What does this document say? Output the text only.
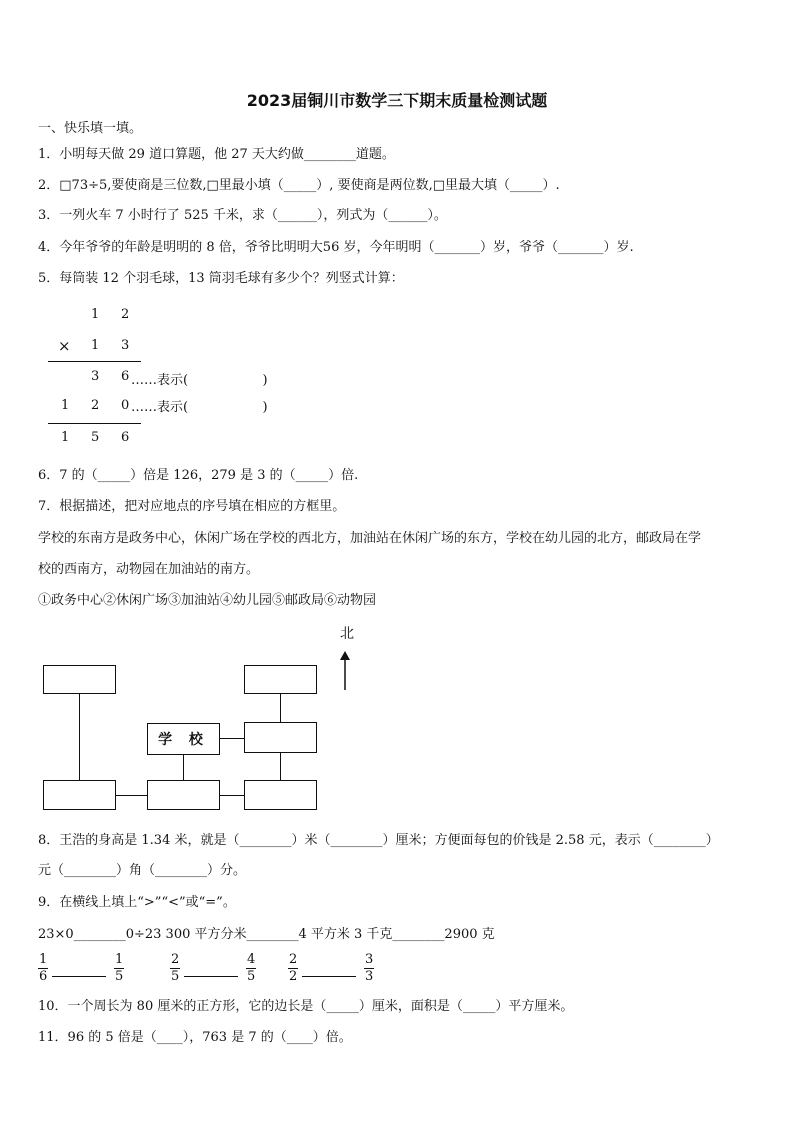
2023届铜川市数学三下期末质量检测试题
一、快乐填一填。
1．小明每天做 29 道口算题，他 27 天大约做________道题。
2．□73÷5,要使商是三位数,□里最小填（_____）, 要使商是两位数,□里最大填（_____）.
3．一列火车 7 小时行了 525 千米，求（______），列式为（______）。
4．今年爷爷的年龄是明明的 8 倍，爷爷比明明大56 岁，今年明明（_______）岁，爷爷（_______）岁.
5．每筒装 12 个羽毛球，13 筒羽毛球有多少个？列竖式计算：
1 2
× 1 3
3 6 ……表示(                  )
1 2 0 ……表示(                  )
1 5 6
6．7 的（_____）倍是 126，279 是 3 的（_____）倍.
7．根据描述，把对应地点的序号填在相应的方框里。
学校的东南方是政务中心，休闲广场在学校的西北方，加油站在休闲广场的东方，学校在幼儿园的北方，邮政局在学
校的西南方，动物园在加油站的南方。
①政务中心②休闲广场③加油站④幼儿园⑤邮政局⑥动物园
北
学 校
8．王浩的身高是 1.34 米，就是（________）米（________）厘米；方便面每包的价钱是 2.58 元，表示（________）
元（________）角（________）分。
9．在横线上填上“>”“<”或“=”。
23×0________0÷23 300 平方分米________4 平方米 3 千克________2900 克
1
6
1
5
2
5
4
5
2
2
3
3
10．一个周长为 80 厘米的正方形，它的边长是（_____）厘米，面积是（_____）平方厘米。
11．96 的 5 倍是（____），763 是 7 的（____）倍。
